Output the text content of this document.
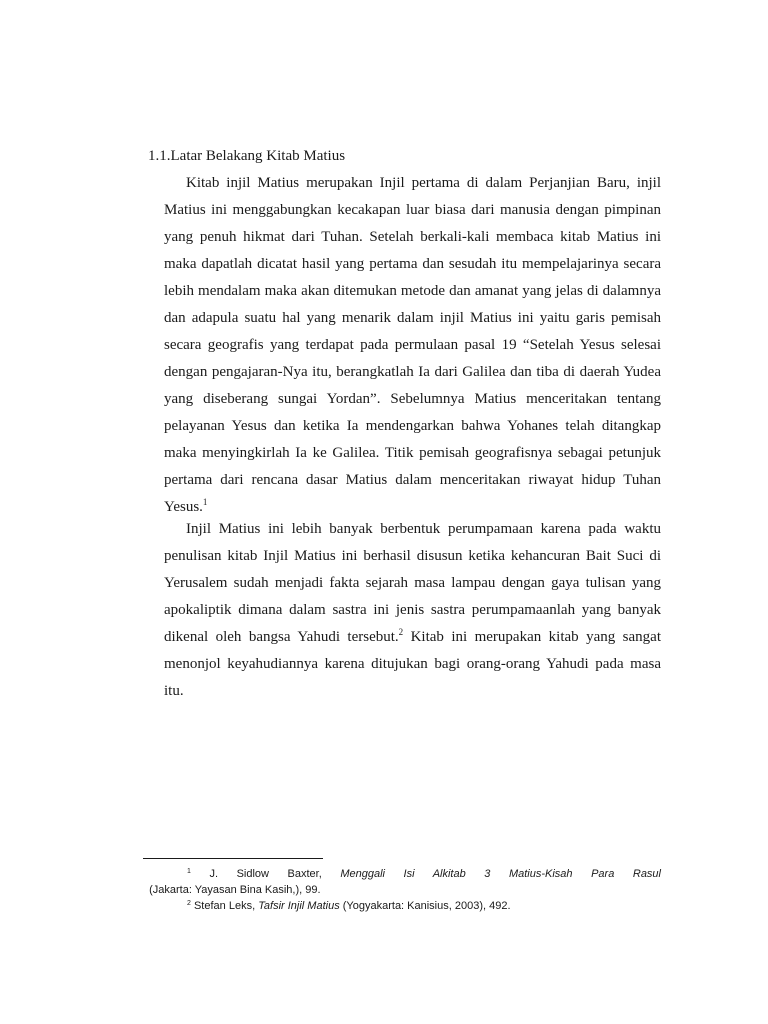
1.1.Latar Belakang Kitab Matius
Kitab injil Matius merupakan Injil pertama di dalam Perjanjian Baru, injil Matius ini menggabungkan kecakapan luar biasa dari manusia dengan pimpinan yang penuh hikmat dari Tuhan. Setelah berkali-kali membaca kitab Matius ini maka dapatlah dicatat hasil yang pertama dan sesudah itu mempelajarinya secara lebih mendalam maka akan ditemukan metode dan amanat yang jelas di dalamnya dan adapula suatu hal yang menarik dalam injil Matius ini yaitu garis pemisah secara geografis yang terdapat pada permulaan pasal 19 “Setelah Yesus selesai dengan pengajaran-Nya itu, berangkatlah Ia dari Galilea dan tiba di daerah Yudea yang diseberang sungai Yordan”. Sebelumnya Matius menceritakan tentang pelayanan Yesus dan ketika Ia mendengarkan bahwa Yohanes telah ditangkap maka menyingkirlah Ia ke Galilea. Titik pemisah geografisnya sebagai petunjuk pertama dari rencana dasar Matius dalam menceritakan riwayat hidup Tuhan Yesus.$^1$
Injil Matius ini lebih banyak berbentuk perumpamaan karena pada waktu penulisan kitab Injil Matius ini berhasil disusun ketika kehancuran Bait Suci di Yerusalem sudah menjadi fakta sejarah masa lampau dengan gaya tulisan yang apokaliptik dimana dalam sastra ini jenis sastra perumpamaanlah yang banyak dikenal oleh bangsa Yahudi tersebut.$^2$ Kitab ini merupakan kitab yang sangat menonjol keyahudiannya karena ditujukan bagi orang-orang Yahudi pada masa itu.
$^1$ J. Sidlow Baxter, Menggali Isi Alkitab 3 Matius-Kisah Para Rasul  (Jakarta: Yayasan Bina Kasih,), 99.
$^2$ Stefan Leks, Tafsir Injil Matius (Yogyakarta: Kanisius, 2003), 492.
